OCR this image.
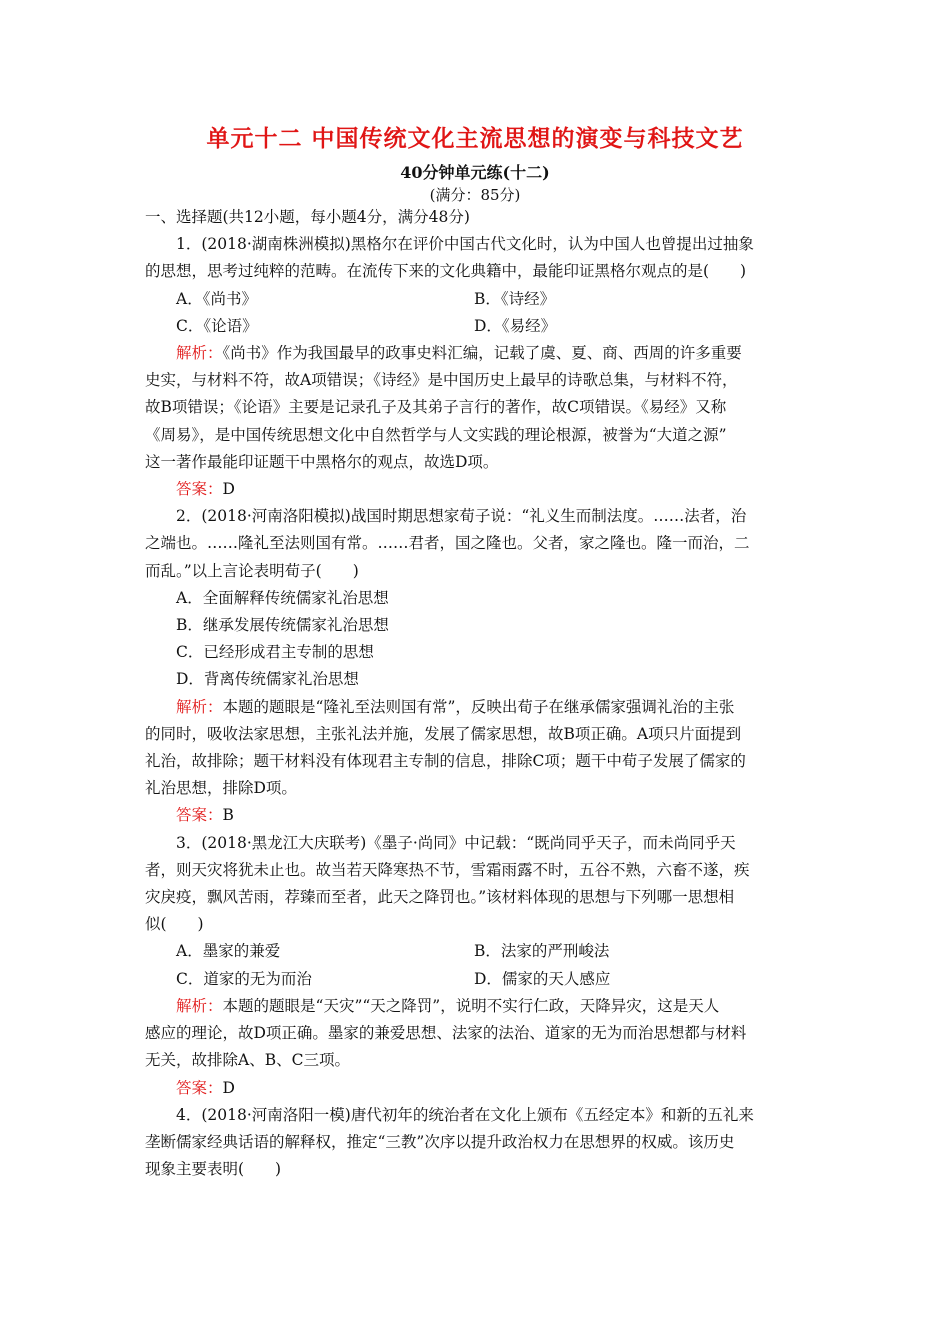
单元十二 中国传统文化主流思想的演变与科技文艺
40分钟单元练(十二)
(满分：85分)

一、选择题(共12小题，每小题4分，满分48分)

1．(2018·湖南株洲模拟)黑格尔在评价中国古代文化时，认为中国人也曾提出过抽象

的思想，思考过纯粹的范畴。在流传下来的文化典籍中，最能印证黑格尔观点的是(　　)

A．《尚书》	B．《诗经》
C．《论语》	D．《易经》

解析：《尚书》作为我国最早的政事史料汇编，记载了虞、夏、商、西周的许多重要

史实，与材料不符，故A项错误；《诗经》是中国历史上最早的诗歌总集，与材料不符，

故B项错误；《论语》主要是记录孔子及其弟子言行的著作，故C项错误。《易经》又称

《周易》，是中国传统思想文化中自然哲学与人文实践的理论根源，被誉为“大道之源”

这一著作最能印证题干中黑格尔的观点，故选D项。

答案：D

2．(2018·河南洛阳模拟)战国时期思想家荀子说：“礼义生而制法度。……法者，治

之端也。……隆礼至法则国有常。……君者，国之隆也。父者，家之隆也。隆一而治，二

而乱。”以上言论表明荀子(　　)

A．全面解释传统儒家礼治思想

B．继承发展传统儒家礼治思想

C．已经形成君主专制的思想

D．背离传统儒家礼治思想

解析：本题的题眼是“隆礼至法则国有常”，反映出荀子在继承儒家强调礼治的主张

的同时，吸收法家思想，主张礼法并施，发展了儒家思想，故B项正确。A项只片面提到

礼治，故排除；题干材料没有体现君主专制的信息，排除C项；题干中荀子发展了儒家的

礼治思想，排除D项。

答案：B

3．(2018·黑龙江大庆联考)《墨子·尚同》中记载：“既尚同乎天子，而未尚同乎天

者，则天灾将犹未止也。故当若天降寒热不节，雪霜雨露不时，五谷不熟，六畜不遂，疾

灾戾疫，飘风苦雨，荐臻而至者，此天之降罚也。”该材料体现的思想与下列哪一思想相

似(　　)

A．墨家的兼爱	B．法家的严刑峻法
C．道家的无为而治	D．儒家的天人感应

解析：本题的题眼是“天灾”“天之降罚”，说明不实行仁政，天降异灾，这是天人

感应的理论，故D项正确。墨家的兼爱思想、法家的法治、道家的无为而治思想都与材料

无关，故排除A、B、C三项。

答案：D

4．(2018·河南洛阳一模)唐代初年的统治者在文化上颁布《五经定本》和新的五礼来

垄断儒家经典话语的解释权，推定“三教”次序以提升政治权力在思想界的权威。该历史

现象主要表明(　　)
